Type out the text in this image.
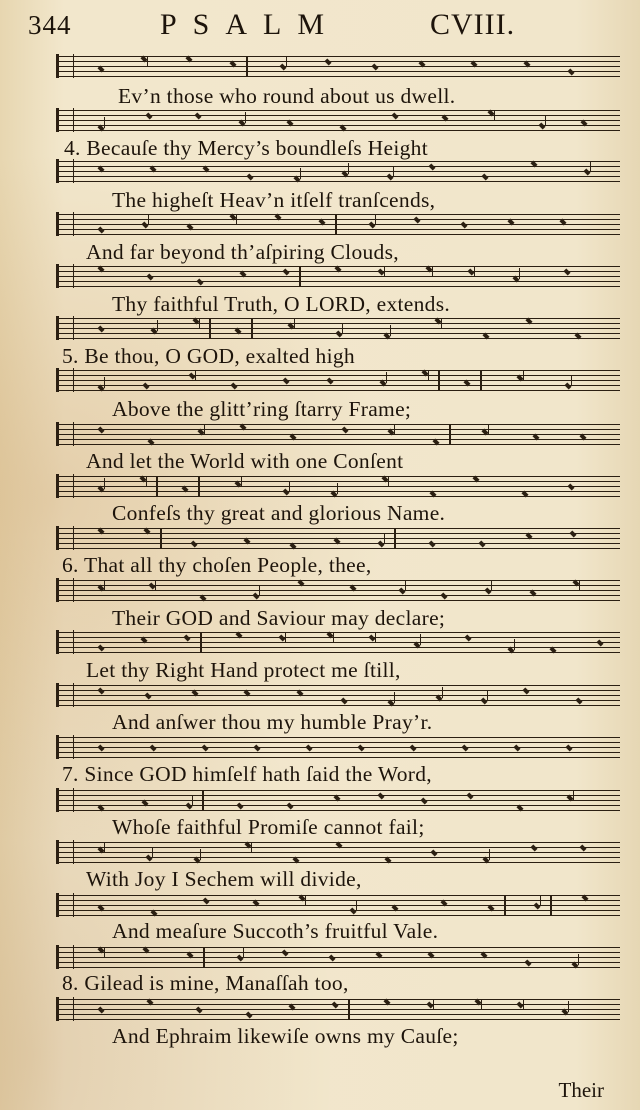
344	PSALM	CVIII.
Ev’n those who round about us dwell.
4. Becauſe thy Mercy’s boundleſs Height
The higheſt Heav’n itſelf tranſcends,
And far beyond th’aſpiring Clouds,
Thy faithful Truth, O LORD, extends.
5. Be thou, O GOD, exalted high
Above the glitt’ring ſtarry Frame;
And let the World with one Conſent
Confeſs thy great and glorious Name.
6. That all thy choſen People, thee,
Their GOD and Saviour may declare;
Let thy Right Hand protect me ſtill,
And anſwer thou my humble Pray’r.
7. Since GOD himſelf hath ſaid the Word,
Whoſe faithful Promiſe cannot fail;
With Joy I Sechem will divide,
And meaſure Succoth’s fruitful Vale.
8. Gilead is mine, Manaſſah too,
And Ephraim likewiſe owns my Cauſe;
Their
